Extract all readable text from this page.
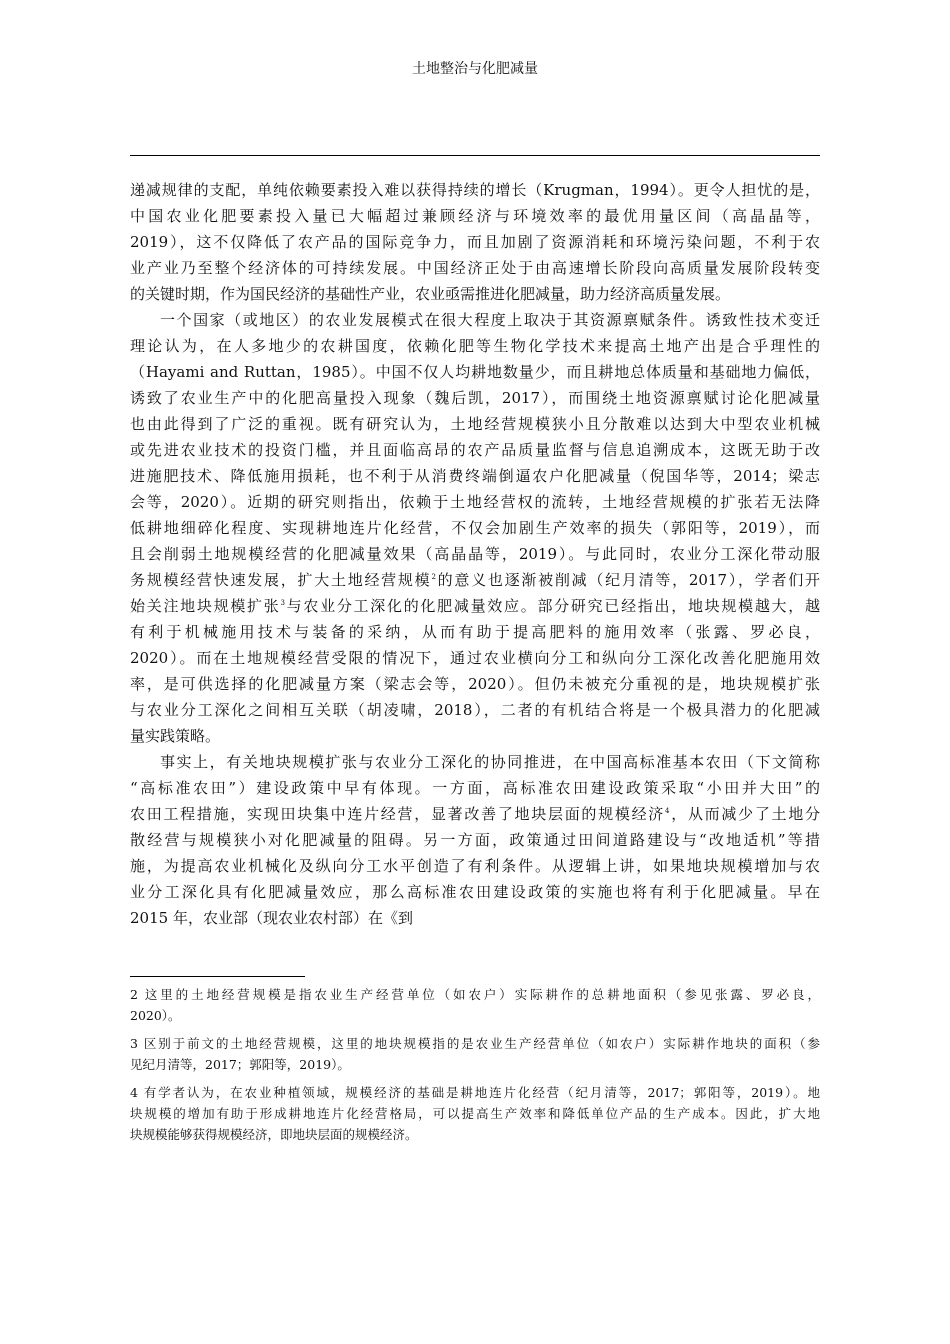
土地整治与化肥减量
递减规律的支配，单纯依赖要素投入难以获得持续的增长（Krugman，1994）。更令人担忧的是，
中国农业化肥要素投入量已大幅超过兼顾经济与环境效率的最优用量区间（高晶晶等，
2019），这不仅降低了农产品的国际竞争力，而且加剧了资源消耗和环境污染问题，不利于农
业产业乃至整个经济体的可持续发展。中国经济正处于由高速增长阶段向高质量发展阶段转变
的关键时期，作为国民经济的基础性产业，农业亟需推进化肥减量，助力经济高质量发展。
一个国家（或地区）的农业发展模式在很大程度上取决于其资源禀赋条件。诱致性技术变迁
理论认为，在人多地少的农耕国度，依赖化肥等生物化学技术来提高土地产出是合乎理性的
（Hayami and Ruttan，1985）。中国不仅人均耕地数量少，而且耕地总体质量和基础地力偏低，
诱致了农业生产中的化肥高量投入现象（魏后凯，2017），而围绕土地资源禀赋讨论化肥减量
也由此得到了广泛的重视。既有研究认为，土地经营规模狭小且分散难以达到大中型农业机械
或先进农业技术的投资门槛，并且面临高昂的农产品质量监督与信息追溯成本，这既无助于改
进施肥技术、降低施用损耗，也不利于从消费终端倒逼农户化肥减量（倪国华等，2014；梁志
会等，2020）。近期的研究则指出，依赖于土地经营权的流转，土地经营规模的扩张若无法降
低耕地细碎化程度、实现耕地连片化经营，不仅会加剧生产效率的损失（郭阳等，2019），而
且会削弱土地规模经营的化肥减量效果（高晶晶等，2019）。与此同时，农业分工深化带动服
务规模经营快速发展，扩大土地经营规模$^2$的意义也逐渐被削减（纪月清等，2017），学者们开
始关注地块规模扩张$^3$与农业分工深化的化肥减量效应。部分研究已经指出，地块规模越大，越
有利于机械施用技术与装备的采纳，从而有助于提高肥料的施用效率（张露、罗必良，
2020）。而在土地规模经营受限的情况下，通过农业横向分工和纵向分工深化改善化肥施用效
率，是可供选择的化肥减量方案（梁志会等，2020）。但仍未被充分重视的是，地块规模扩张
与农业分工深化之间相互关联（胡凌啸，2018），二者的有机结合将是一个极具潜力的化肥减
量实践策略。
事实上，有关地块规模扩张与农业分工深化的协同推进，在中国高标准基本农田（下文简称
“高标准农田”）建设政策中早有体现。一方面，高标准农田建设政策采取“小田并大田”的
农田工程措施，实现田块集中连片经营，显著改善了地块层面的规模经济$^4$，从而减少了土地分
散经营与规模狭小对化肥减量的阻碍。另一方面，政策通过田间道路建设与“改地适机”等措
施，为提高农业机械化及纵向分工水平创造了有利条件。从逻辑上讲，如果地块规模增加与农
业分工深化具有化肥减量效应，那么高标准农田建设政策的实施也将有利于化肥减量。早在
2015 年，农业部（现农业农村部）在《到
2 这里的土地经营规模是指农业生产经营单位（如农户）实际耕作的总耕地面积（参见张露、罗必良，
2020）。
3 区别于前文的土地经营规模，这里的地块规模指的是农业生产经营单位（如农户）实际耕作地块的面积（参
见纪月清等，2017；郭阳等，2019）。
4 有学者认为，在农业种植领域，规模经济的基础是耕地连片化经营（纪月清等，2017；郭阳等，2019）。地
块规模的增加有助于形成耕地连片化经营格局，可以提高生产效率和降低单位产品的生产成本。因此，扩大地
块规模能够获得规模经济，即地块层面的规模经济。
